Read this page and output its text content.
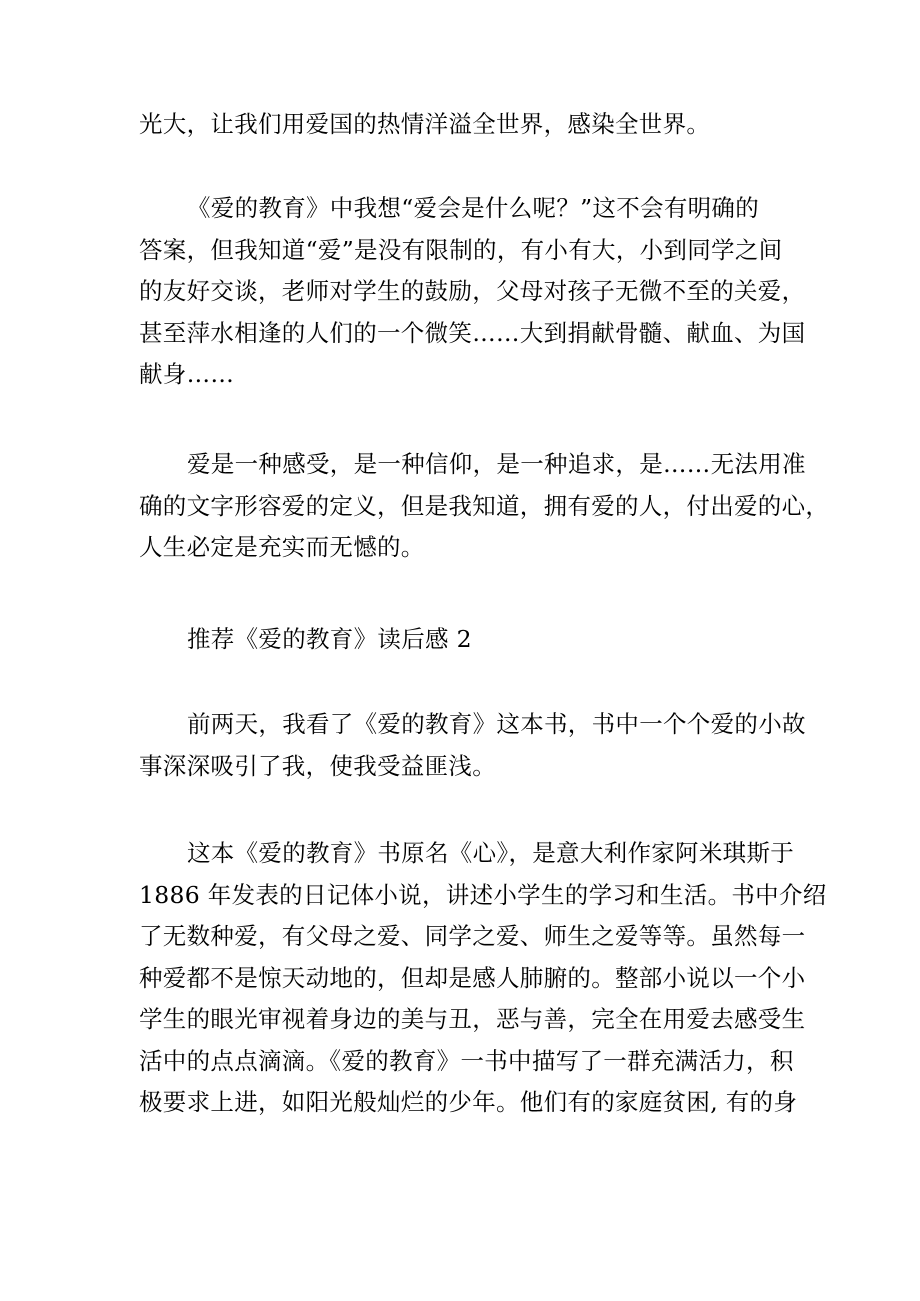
光大，让我们用爱国的热情洋溢全世界，感染全世界。

《爱的教育》中我想“爱会是什么呢？”这不会有明确的
答案，但我知道“爱”是没有限制的，有小有大，小到同学之间
的友好交谈，老师对学生的鼓励，父母对孩子无微不至的关爱，
甚至萍水相逢的人们的一个微笑……大到捐献骨髓、献血、为国
献身……

爱是一种感受，是一种信仰，是一种追求，是……无法用准
确的文字形容爱的定义，但是我知道，拥有爱的人，付出爱的心，
人生必定是充实而无憾的。

推荐《爱的教育》读后感 2

前两天，我看了《爱的教育》这本书，书中一个个爱的小故
事深深吸引了我，使我受益匪浅。

这本《爱的教育》书原名《心》，是意大利作家阿米琪斯于
1886 年发表的日记体小说，讲述小学生的学习和生活。书中介绍
了无数种爱，有父母之爱、同学之爱、师生之爱等等。虽然每一
种爱都不是惊天动地的，但却是感人肺腑的。整部小说以一个小
学生的眼光审视着身边的美与丑，恶与善，完全在用爱去感受生
活中的点点滴滴。《爱的教育》一书中描写了一群充满活力，积
极要求上进，如阳光般灿烂的少年。他们有的家庭贫困, 有的身
